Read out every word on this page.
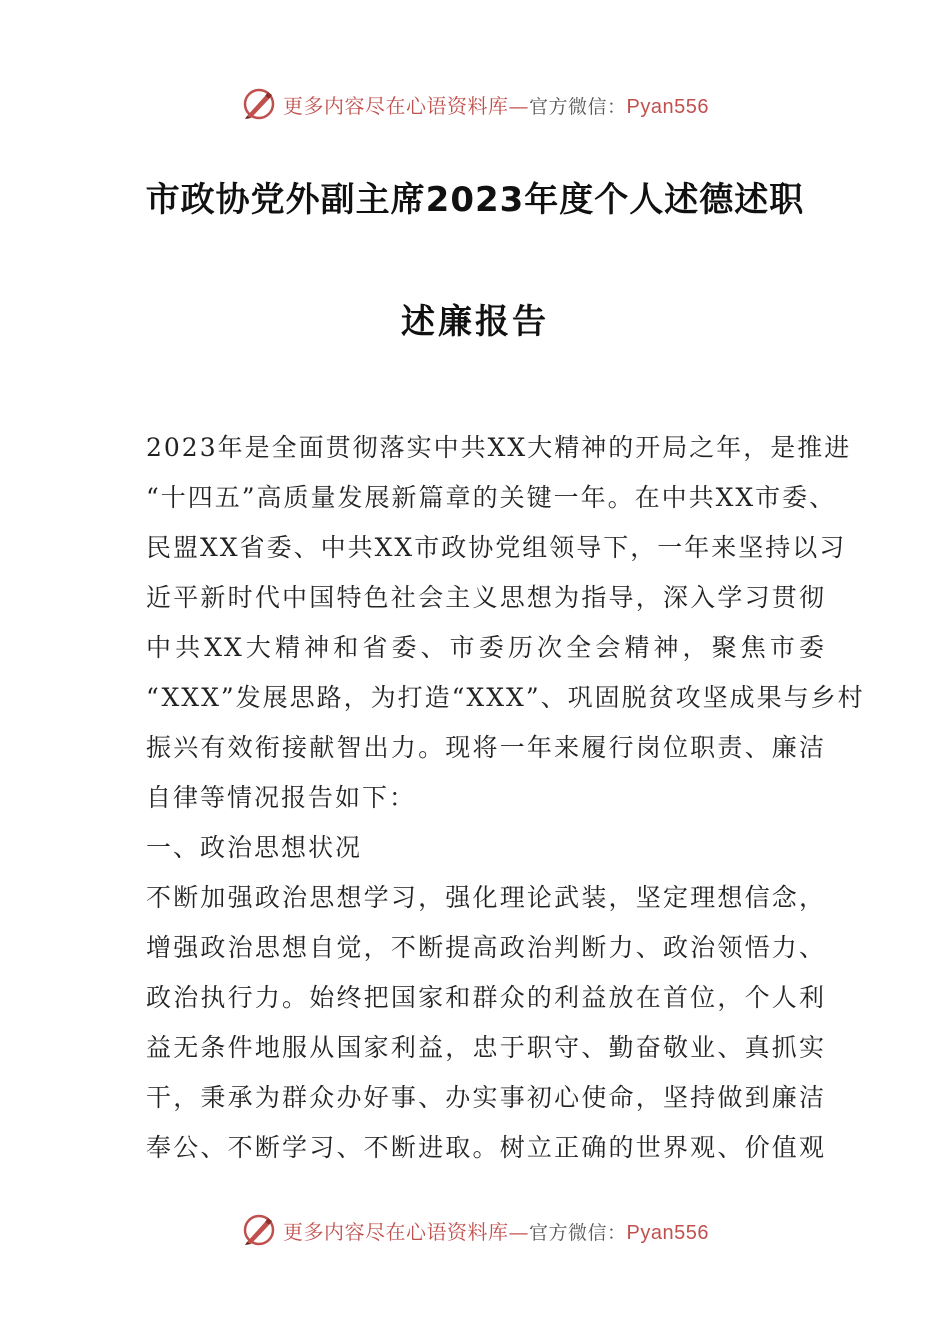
更多内容尽在心语资料库—官方微信：Pyan556
市政协党外副主席2023年度个人述德述职
述廉报告
2023年是全面贯彻落实中共XX大精神的开局之年，是推进
“十四五”高质量发展新篇章的关键一年。在中共XX市委、
民盟XX省委、中共XX市政协党组领导下，一年来坚持以习
近平新时代中国特色社会主义思想为指导，深入学习贯彻
中共XX大精神和省委、市委历次全会精神，聚焦市委
“XXX”发展思路，为打造“XXX”、巩固脱贫攻坚成果与乡村
振兴有效衔接献智出力。现将一年来履行岗位职责、廉洁
自律等情况报告如下：
一、政治思想状况
不断加强政治思想学习，强化理论武装，坚定理想信念，
增强政治思想自觉，不断提高政治判断力、政治领悟力、
政治执行力。始终把国家和群众的利益放在首位，个人利
益无条件地服从国家利益，忠于职守、勤奋敬业、真抓实
干，秉承为群众办好事、办实事初心使命，坚持做到廉洁
奉公、不断学习、不断进取。树立正确的世界观、价值观
更多内容尽在心语资料库—官方微信：Pyan556
